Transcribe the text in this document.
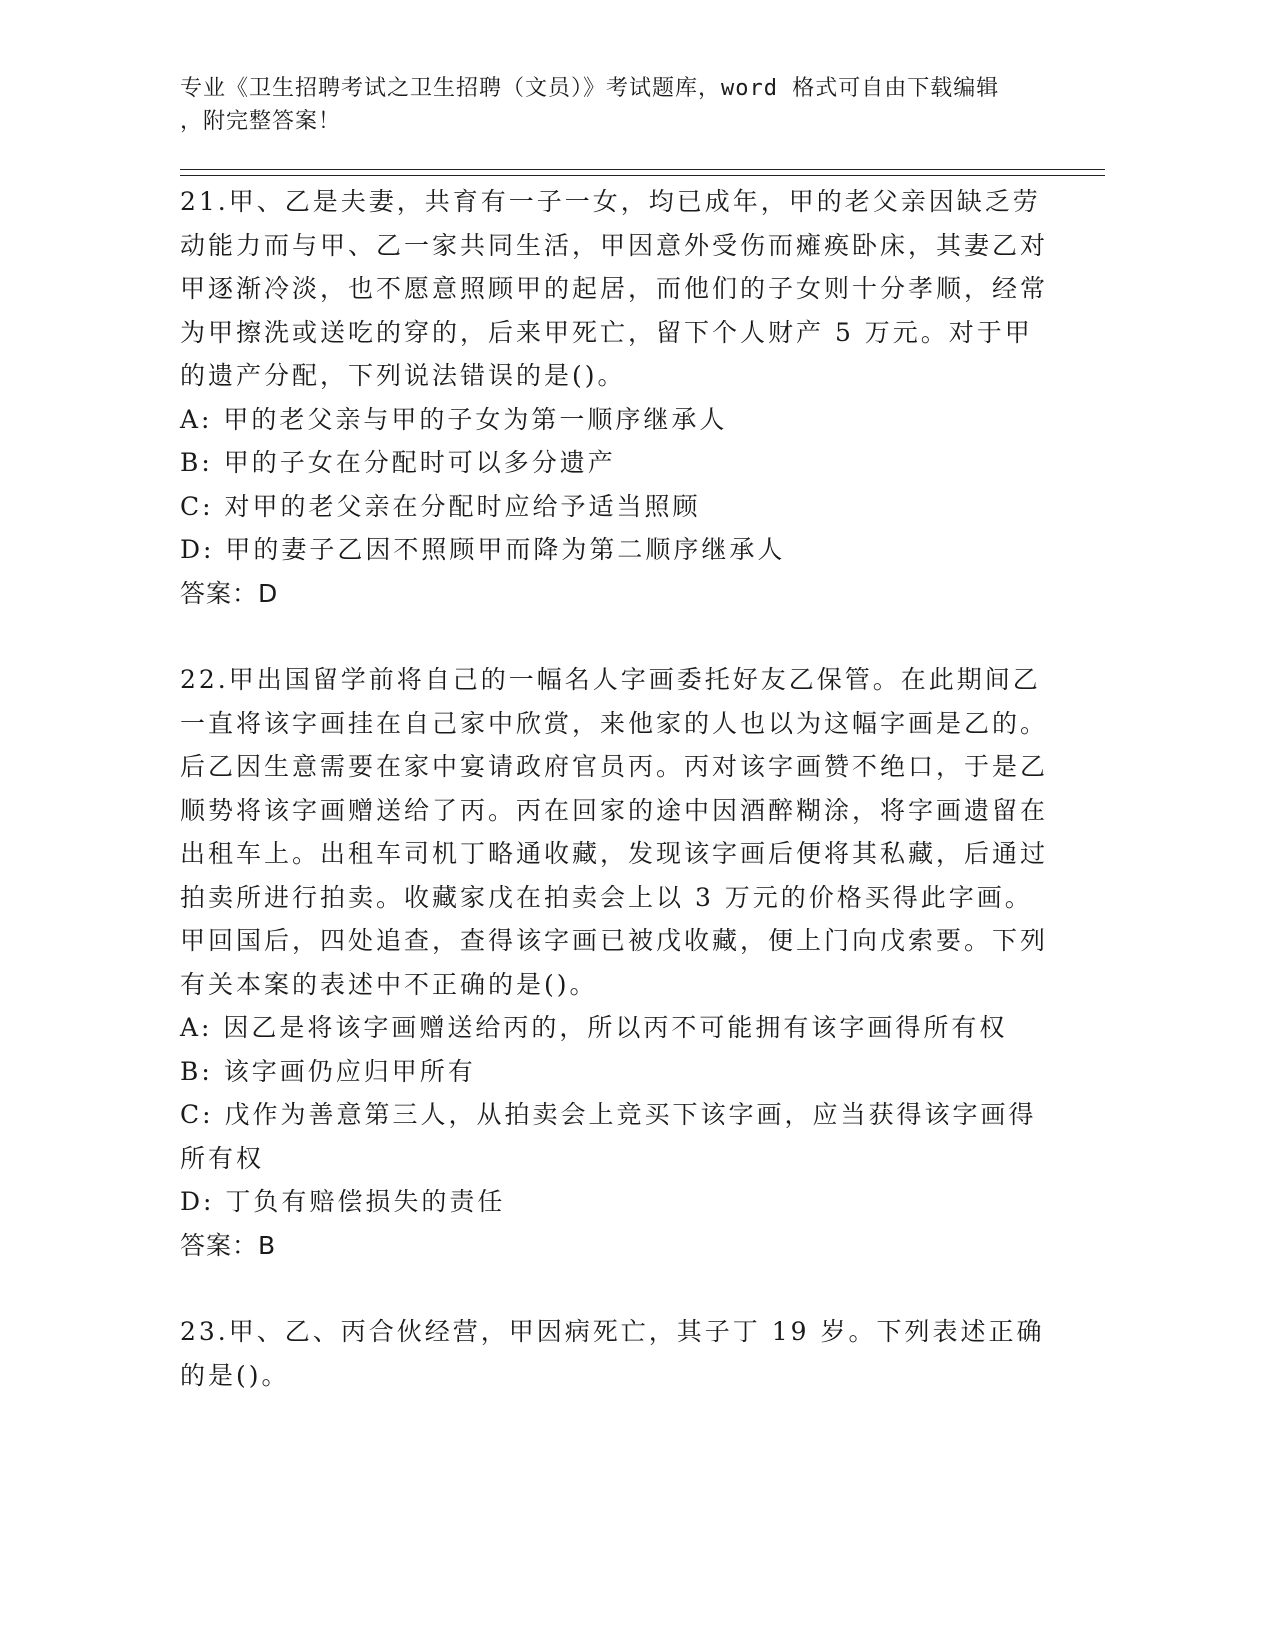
专业《卫生招聘考试之卫生招聘（文员）》考试题库，word 格式可自由下载编辑
，附完整答案！

21.甲、乙是夫妻，共育有一子一女，均已成年，甲的老父亲因缺乏劳动能力而与甲、乙一家共同生活，甲因意外受伤而瘫痪卧床，其妻乙对甲逐渐冷淡，也不愿意照顾甲的起居，而他们的子女则十分孝顺，经常为甲擦洗或送吃的穿的，后来甲死亡，留下个人财产 5 万元。对于甲的遗产分配，下列说法错误的是()。

A: 甲的老父亲与甲的子女为第一顺序继承人

B: 甲的子女在分配时可以多分遗产

C: 对甲的老父亲在分配时应给予适当照顾

D: 甲的妻子乙因不照顾甲而降为第二顺序继承人

答案：D

22.甲出国留学前将自己的一幅名人字画委托好友乙保管。在此期间乙一直将该字画挂在自己家中欣赏，来他家的人也以为这幅字画是乙的。后乙因生意需要在家中宴请政府官员丙。丙对该字画赞不绝口，于是乙顺势将该字画赠送给了丙。丙在回家的途中因酒醉糊涂，将字画遗留在出租车上。出租车司机丁略通收藏，发现该字画后便将其私藏，后通过拍卖所进行拍卖。收藏家戊在拍卖会上以 3 万元的价格买得此字画。甲回国后，四处追查，查得该字画已被戊收藏，便上门向戊索要。下列有关本案的表述中不正确的是()。

A: 因乙是将该字画赠送给丙的，所以丙不可能拥有该字画得所有权

B: 该字画仍应归甲所有

C: 戊作为善意第三人，从拍卖会上竞买下该字画，应当获得该字画得所有权

D: 丁负有赔偿损失的责任

答案：B

23.甲、乙、丙合伙经营，甲因病死亡，其子丁 19 岁。下列表述正确的是()。
